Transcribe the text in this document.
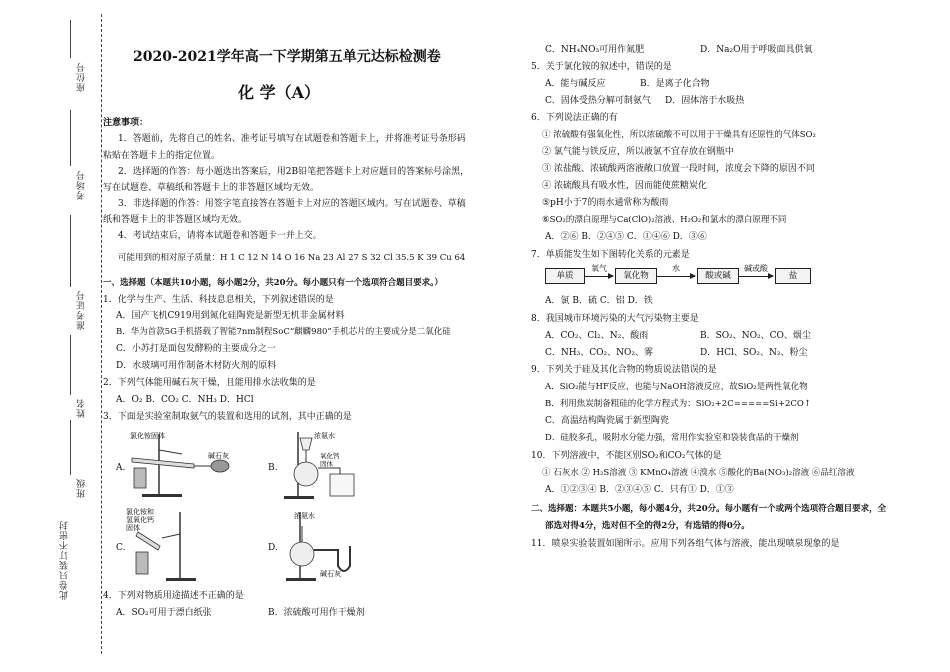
座位号
考场号
准考证号
姓名
班级
此卷只装订不密封
2020-2021学年高一下学期第五单元达标检测卷
化 学（A）
注意事项：
1．答题前，先将自己的姓名、准考证号填写在试题卷和答题卡上，并将准考证号条形码
粘贴在答题卡上的指定位置。
2．选择题的作答：每小题选出答案后，用2B铅笔把答题卡上对应题目的答案标号涂黑，
写在试题卷、草稿纸和答题卡上的非答题区域均无效。
3．非选择题的作答：用签字笔直接答在答题卡上对应的答题区域内。写在试题卷、草稿
纸和答题卡上的非答题区域均无效。
4．考试结束后，请将本试题卷和答题卡一并上交。
可能用到的相对原子质量：H 1 C 12 N 14 O 16 Na 23 Al 27 S 32 Cl 35.5 K 39 Cu 64
一、选择题（本题共10小题，每小题2分，共20分。每小题只有一个选项符合题目要求。）
1．化学与生产、生活、科技息息相关，下列叙述错误的是
A．国产飞机C919用到氮化硅陶瓷是新型无机非金属材料
B．华为首款5G手机搭载了智能7nm制程SoC“麒麟980”手机芯片的主要成分是二氧化硅
C．小苏打是面包发酵粉的主要成分之一
D．水玻璃可用作制备木材防火剂的原料
2．下列气体能用碱石灰干燥，且能用排水法收集的是
A．O₂ B．CO₂ C．NH₃ D．HCl
3．下面是实验室制取氨气的装置和选用的试剂，其中正确的是
A.	B.
C.	D.
氯化铵固体
碱石灰
浓氨水
氧化钙
固体
氯化铵和
氢氧化钙
固体
浓氨水
碱石灰
4．下列对物质用途描述不正确的是
A．SO₂可用于漂白纸张	B．浓硫酸可用作干燥剂
C．NH₄NO₃可用作氮肥	D．Na₂O用于呼吸面具供氧
5．关于氯化铵的叙述中，错误的是
A．能与碱反应	B．是离子化合物
C．固体受热分解可制氨气 D．固体溶于水吸热
6．下列说法正确的有
① 浓硫酸有强氧化性，所以浓硫酸不可以用于干燥具有还原性的气体SO₂
② 氯气能与铁反应，所以液氯不宜存放在钢瓶中
③ 浓盐酸、浓硫酸两溶液敞口放置一段时间，浓度会下降的原因不同
④ 浓硫酸具有吸水性，因而能使蔗糖炭化
⑤pH小于7的雨水通常称为酸雨
⑥SO₂的漂白原理与Ca(ClO)₂溶液、H₂O₂和氯水的漂白原理不同
A．②⑥ B．②④⑤ C．①④⑥ D．③⑥
7．单质能发生如下图转化关系的元素是
单质
氧气
氧化物
水
酸或碱
碱或酸
盐
A．氯 B．硫 C．铝 D．铁
8．我国城市环境污染的大气污染物主要是
A．CO₂、Cl₂、N₂、酸雨	B．SO₂、NO₂、CO、烟尘
C．NH₃、CO₂、NO₂、雾	D．HCl、SO₂、N₂、粉尘
9．下列关于硅及其化合物的物质说法错误的是
A．SiO₂能与HF反应，也能与NaOH溶液反应，故SiO₂是两性氧化物
B．利用焦炭制备粗硅的化学方程式为：SiO₂+2C=====Si+2CO↑
C．高温结构陶瓷属于新型陶瓷
D．硅胶多孔，吸附水分能力强，常用作实验室和袋装食品的干燥剂
10．下列溶液中，不能区别SO₂和CO₂气体的是
① 石灰水 ② H₂S溶液 ③ KMnO₄溶液 ④溴水 ⑤酸化的Ba(NO₃)₂溶液 ⑥品红溶液
A．①②③④ B．②③④⑤ C．只有① D．①③
二、选择题：本题共5小题，每小题4分，共20分。每小题有一个或两个选项符合题目要求，全
部选对得4分，选对但不全的得2分，有选错的得0分。
11．喷泉实验装置如图所示。应用下列各组气体与溶液，能出现喷泉现象的是
